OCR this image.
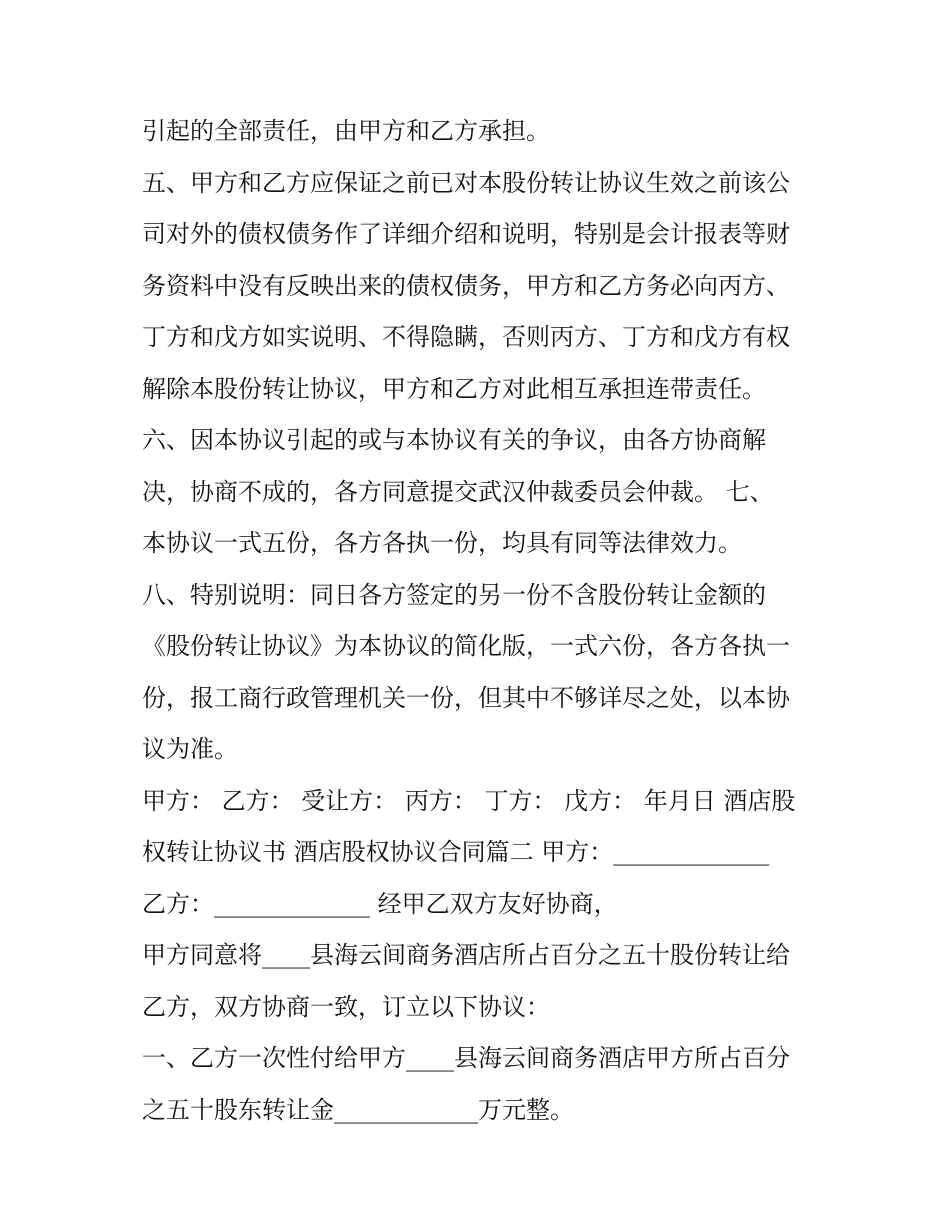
引起的全部责任，由甲方和乙方承担。
五、甲方和乙方应保证之前已对本股份转让协议生效之前该公
司对外的债权债务作了详细介绍和说明，特别是会计报表等财
务资料中没有反映出来的债权债务，甲方和乙方务必向丙方、
丁方和戊方如实说明、不得隐瞒，否则丙方、丁方和戊方有权
解除本股份转让协议，甲方和乙方对此相互承担连带责任。
六、因本协议引起的或与本协议有关的争议，由各方协商解
决，协商不成的，各方同意提交武汉仲裁委员会仲裁。 七、
本协议一式五份，各方各执一份，均具有同等法律效力。
八、特别说明：同日各方签定的另一份不含股份转让金额的
《股份转让协议》为本协议的简化版，一式六份，各方各执一
份，报工商行政管理机关一份，但其中不够详尽之处，以本协
议为准。
甲方： 乙方： 受让方： 丙方： 丁方： 戊方： 年月日 酒店股
权转让协议书 酒店股权协议合同篇二 甲方：_____________
乙方：_____________ 经甲乙双方友好协商，
甲方同意将____县海云间商务酒店所占百分之五十股份转让给
乙方，双方协商一致，订立以下协议：
一、乙方一次性付给甲方____县海云间商务酒店甲方所占百分
之五十股东转让金____________万元整。
